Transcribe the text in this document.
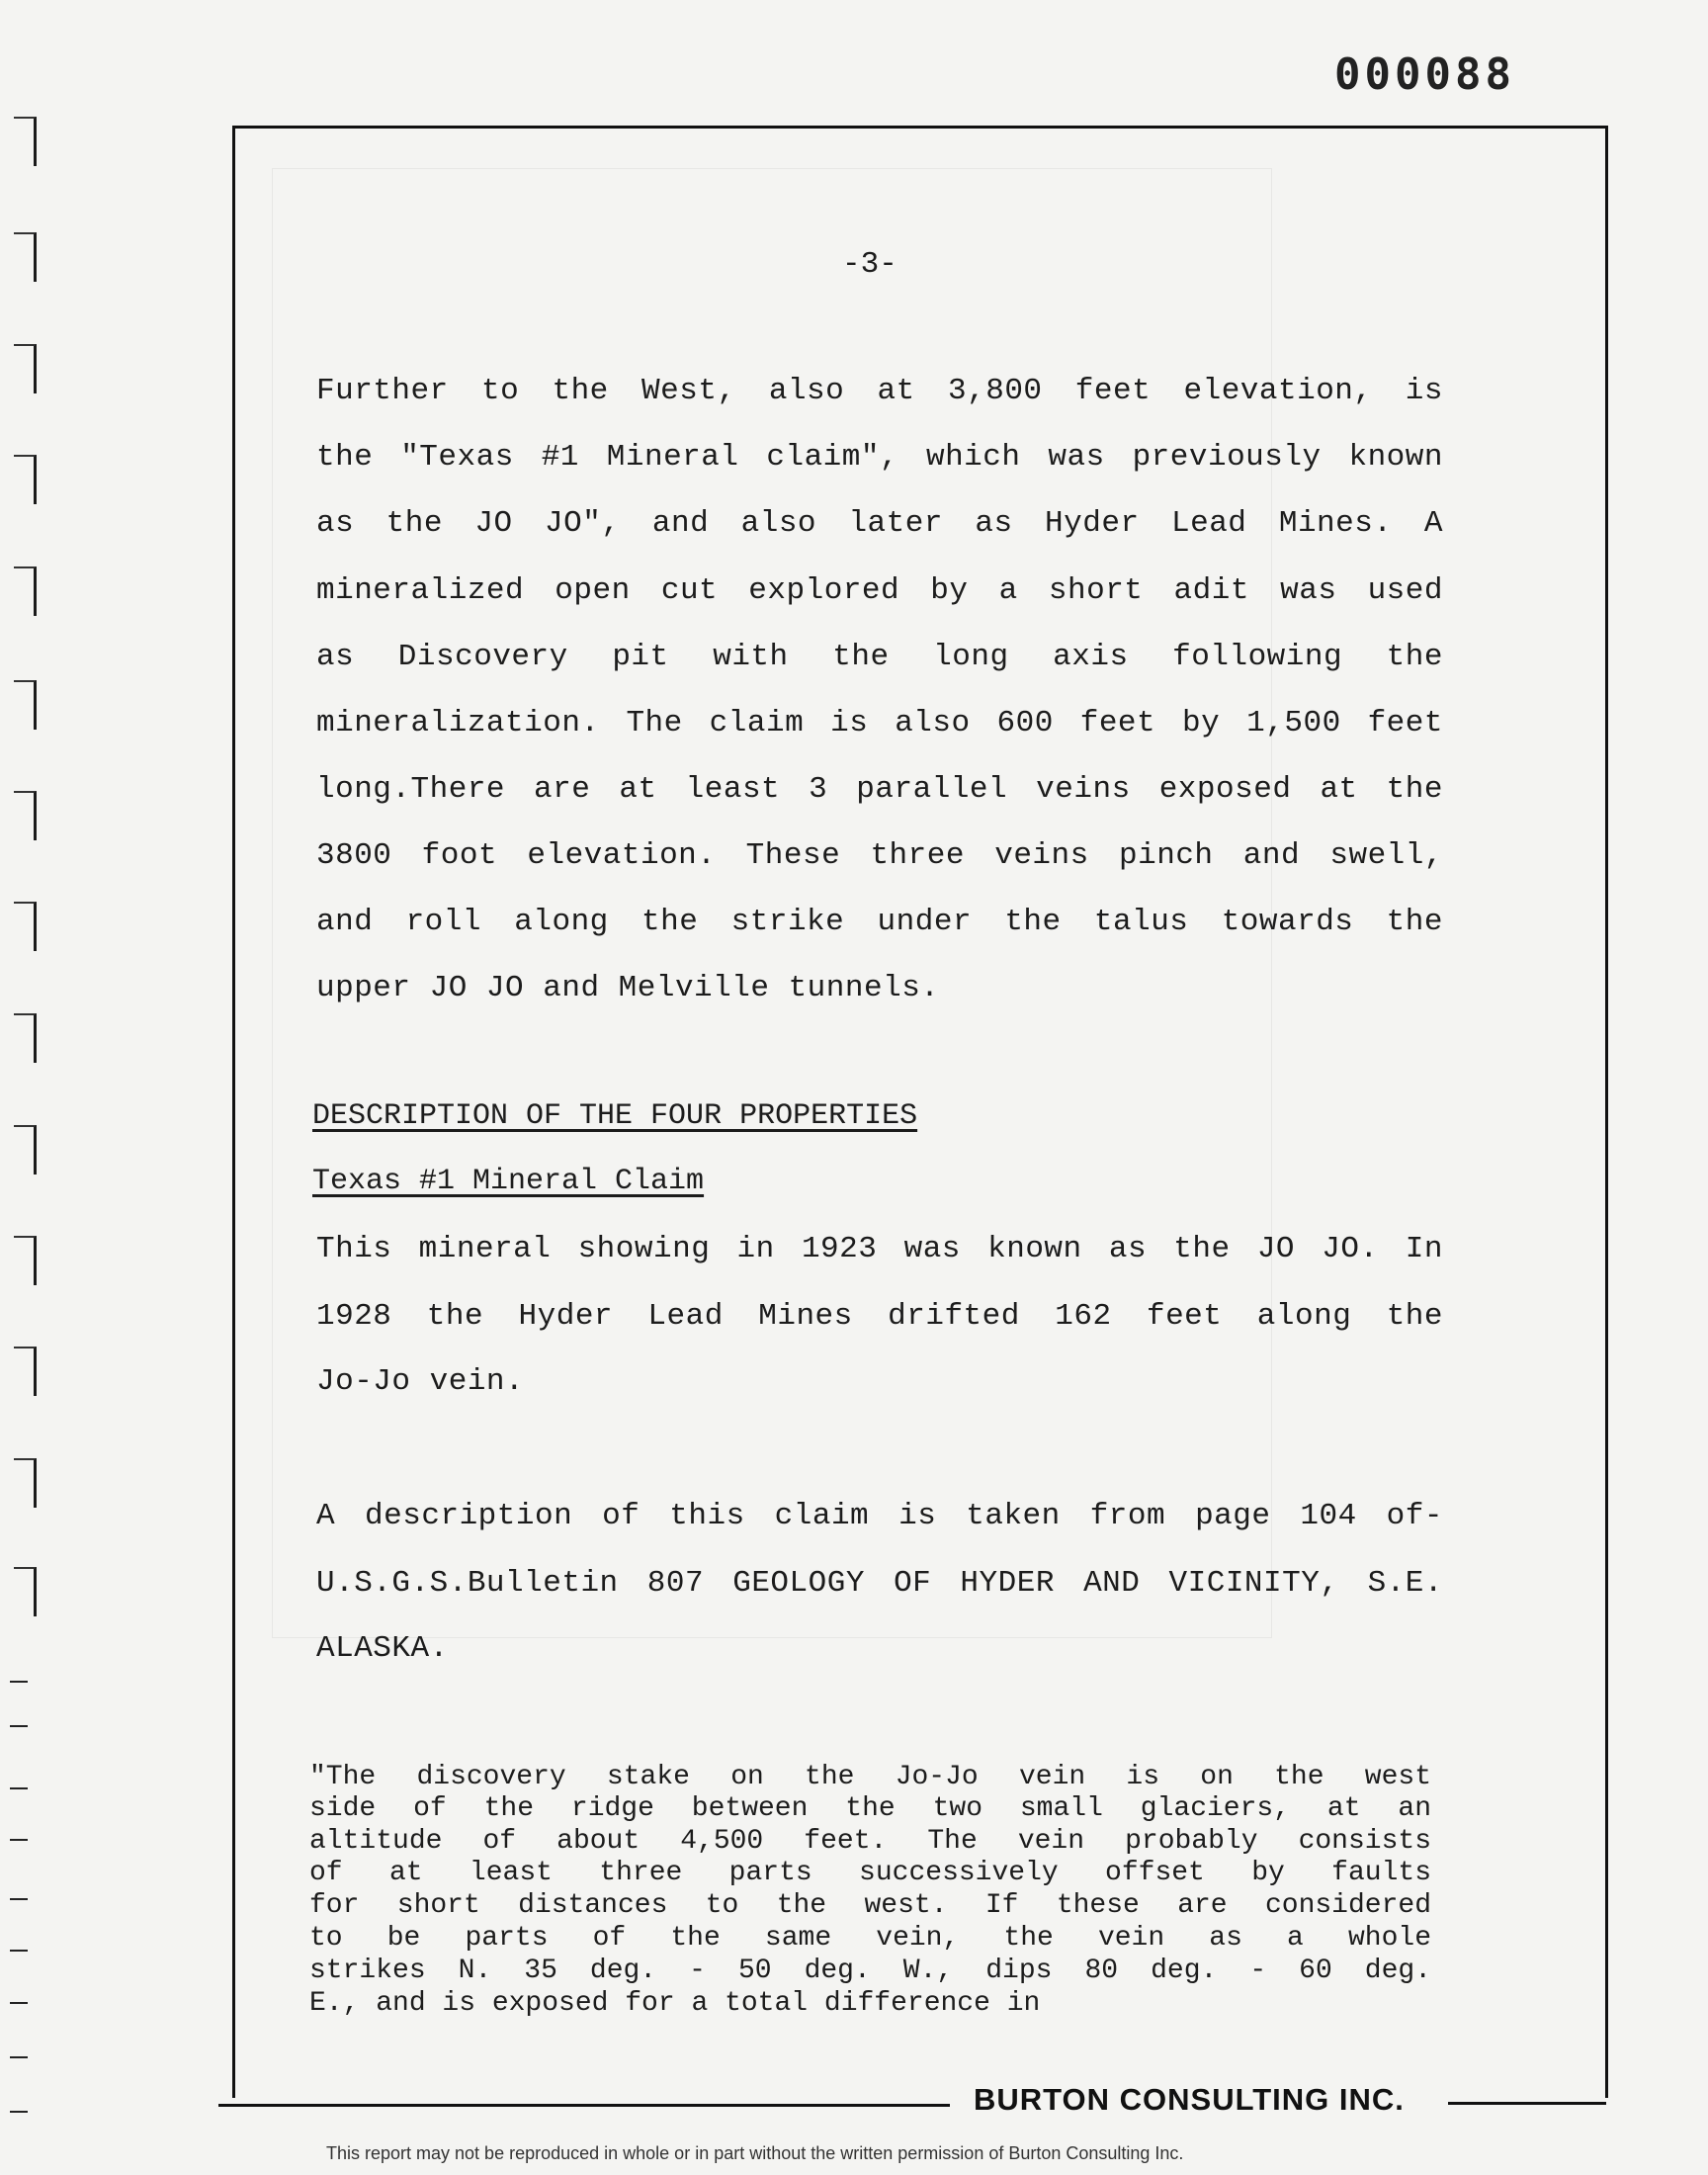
000088
-3-
Further to the West, also at 3,800 feet elevation, is
the "Texas #1 Mineral claim", which was previously known
as the JO JO", and also later as Hyder Lead Mines. A
mineralized open cut explored by a short adit was used
as Discovery pit with the long axis following the
mineralization. The claim is also 600 feet by 1,500 feet
long.There are at least 3 parallel veins exposed at the
3800 foot elevation. These three veins pinch and swell,
and roll along the strike under the talus towards the
upper JO JO and Melville tunnels.
DESCRIPTION OF THE FOUR PROPERTIES
Texas #1 Mineral Claim
This mineral showing in 1923 was known as the JO JO. In
1928 the Hyder Lead Mines drifted 162 feet along the
Jo-Jo vein.
A description of this claim is taken from page 104 of-
U.S.G.S.Bulletin 807 GEOLOGY OF HYDER AND VICINITY, S.E.
ALASKA.
"The discovery stake on the Jo-Jo vein is on the west
side of the ridge between the two small glaciers, at an
altitude of about 4,500 feet. The vein probably consists
of at least three parts successively offset by faults
for short distances to the west. If these are considered
to be parts of the same vein, the vein as a whole
strikes N. 35 deg. - 50 deg. W., dips 80 deg. - 60 deg.
E., and is exposed for a total difference in
BURTON CONSULTING INC.
This report may not be reproduced in whole or in part without the written permission of Burton Consulting Inc.
